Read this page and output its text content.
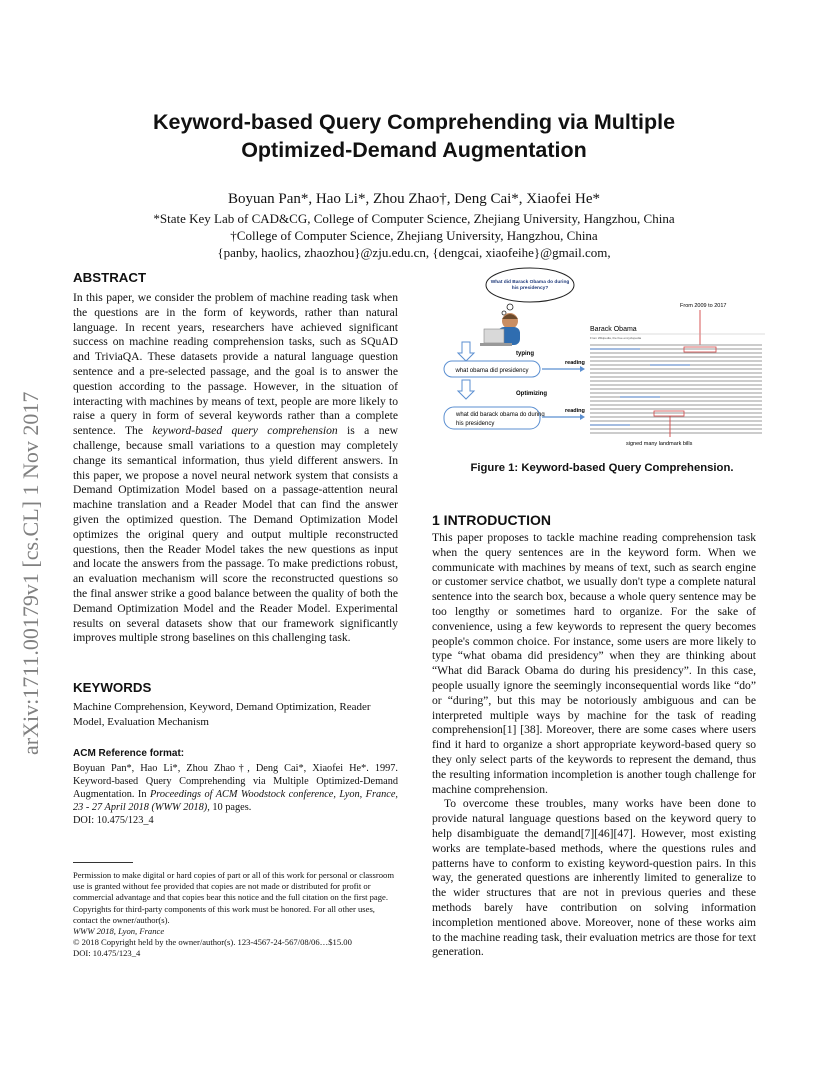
arXiv:1711.00179v1 [cs.CL] 1 Nov 2017
Keyword-based Query Comprehending via Multiple
Optimized-Demand Augmentation
Boyuan Pan*, Hao Li*, Zhou Zhao†, Deng Cai*, Xiaofei He*
*State Key Lab of CAD&CG, College of Computer Science, Zhejiang University, Hangzhou, China
†College of Computer Science, Zhejiang University, Hangzhou, China
{panby, haolics, zhaozhou}@zju.edu.cn, {dengcai, xiaofeihe}@gmail.com,
ABSTRACT
In this paper, we consider the problem of machine reading task when the questions are in the form of keywords, rather than natural language. In recent years, researchers have achieved significant success on machine reading comprehension tasks, such as SQuAD and TriviaQA. These datasets provide a natural language question sentence and a pre-selected passage, and the goal is to answer the question according to the passage. However, in the situation of interacting with machines by means of text, people are more likely to raise a query in form of several keywords rather than a complete sentence. The keyword-based query comprehension is a new challenge, because small variations to a question may completely change its semantical information, thus yield different answers. In this paper, we propose a novel neural network system that consists a Demand Optimization Model based on a passage-attention neural machine translation and a Reader Model that can find the answer given the optimized question. The Demand Optimization Model optimizes the original query and output multiple reconstructed questions, then the Reader Model takes the new questions as input and locate the answers from the passage. To make predictions robust, an evaluation mechanism will score the reconstructed questions so the final answer strike a good balance between the quality of both the Demand Optimization Model and the Reader Model. Experimental results on several datasets show that our framework significantly improves multiple strong baselines on this challenging task.
KEYWORDS
Machine Comprehension, Keyword, Demand Optimization, Reader Model, Evaluation Mechanism
ACM Reference format:
Boyuan Pan*, Hao Li*, Zhou Zhao†, Deng Cai*, Xiaofei He*. 1997. Keyword-based Query Comprehending via Multiple Optimized-Demand Augmentation. In Proceedings of ACM Woodstock conference, Lyon, France, 23 - 27 April 2018 (WWW 2018), 10 pages.
DOI: 10.475/123_4
Permission to make digital or hard copies of part or all of this work for personal or classroom use is granted without fee provided that copies are not made or distributed for profit or commercial advantage and that copies bear this notice and the full citation on the first page. Copyrights for third-party components of this work must be honored. For all other uses, contact the owner/author(s).
WWW 2018, Lyon, France
© 2018 Copyright held by the owner/author(s). 123-4567-24-567/08/06…$15.00
DOI: 10.475/123_4
What did Barack Obama do during his presidency?
typing
what obama did presidency
Optimizing
what did barack obama do during his presidency
reading
reading
From 2009 to 2017
Barack Obama
From Wikipedia, the free encyclopedia
signed many landmark bills
Figure 1: Keyword-based Query Comprehension.
1 INTRODUCTION
This paper proposes to tackle machine reading comprehension task when the query sentences are in the keyword form. When we communicate with machines by means of text, such as search engine or customer service chatbot, we usually don't type a complete natural sentence into the search box, because a whole query sentence may be too lengthy or sometimes hard to organize. For the sake of convenience, using a few keywords to represent the query becomes people's common choice. For instance, some users are more likely to type “what obama did presidency” when they are thinking about “What did Barack Obama do during his presidency”. In this case, people usually ignore the seemingly inconsequential words like “do” or “during”, but this may be notoriously ambiguous and can be interpreted multiple ways by machine for the task of reading comprehension[1] [38]. Moreover, there are some cases where users find it hard to organize a short appropriate keyword-based query so they only select parts of the keywords to represent the demand, thus the resulting information incompletion is another tough challenge for machine comprehension.
To overcome these troubles, many works have been done to provide natural language questions based on the keyword query to help disambiguate the demand[7][46][47]. However, most existing works are template-based methods, where the questions rules and patterns have to conform to existing keyword-question pairs. In this way, the generated questions are inherently limited to generalize to the wider structures that are not in previous queries and these methods barely have contribution on solving information incompletion mentioned above. Moreover, none of these works aim to the machine reading task, their evaluation metrics are those for text generation.
